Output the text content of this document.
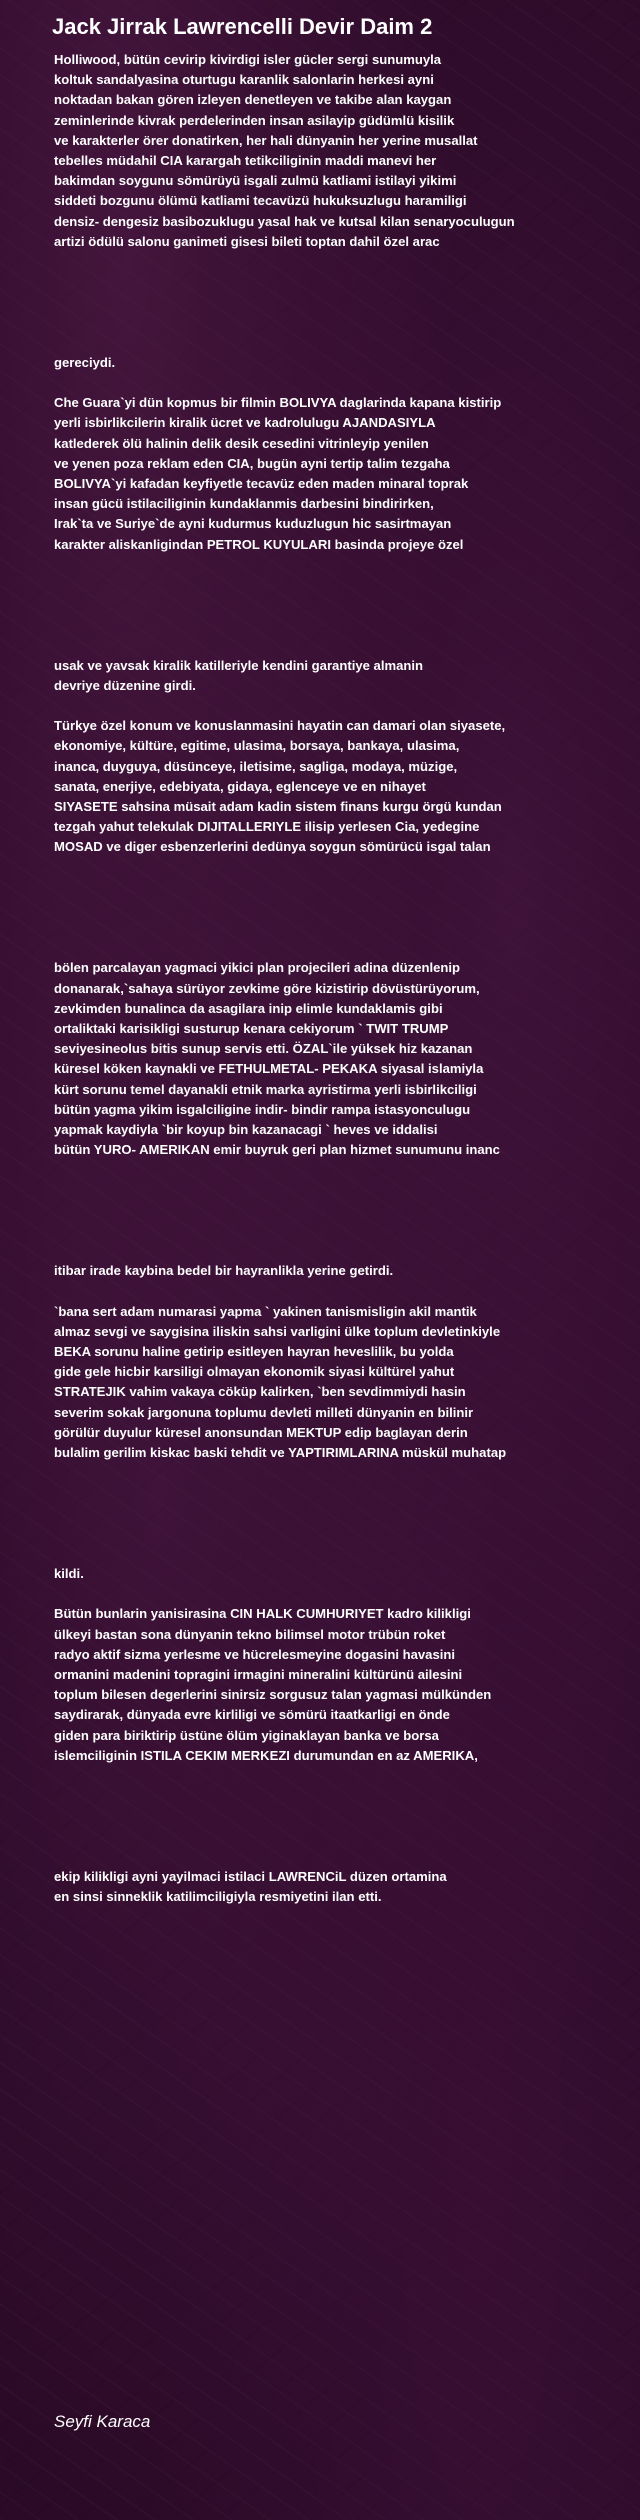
Jack Jirrak Lawrencelli Devir Daim 2
Holliwood, bütün cevirip kivirdigi isler gücler sergi sunumuyla
koltuk sandalyasina oturtugu karanlik salonlarin herkesi ayni
noktadan bakan gören izleyen denetleyen ve takibe alan kaygan
zeminlerinde kivrak perdelerinden insan asilayip güdümlü kisilik
ve karakterler örer donatirken, her hali dünyanin her yerine musallat
tebelles müdahil CIA karargah tetikciliginin maddi manevi her
bakimdan soygunu sömürüyü isgali zulmü katliami istilayi yikimi
siddeti bozgunu ölümü katliami tecavüzü hukuksuzlugu haramiligi
densiz- dengesiz basibozuklugu yasal hak ve kutsal kilan senaryoculugun
artizi ödülü salonu ganimeti gisesi bileti toptan dahil özel arac
gereciydi.
Che Guara`yi dün kopmus bir filmin BOLIVYA daglarinda kapana kistirip
yerli isbirlikcilerin kiralik ücret ve kadrolulugu AJANDASIYLA
katlederek ölü halinin delik desik cesedini vitrinleyip yenilen
ve yenen poza reklam eden CIA, bugün ayni tertip talim tezgaha
BOLIVYA`yi kafadan keyfiyetle tecavüz eden maden minaral toprak
insan gücü istilaciliginin kundaklanmis darbesini bindirirken,
Irak`ta ve Suriye`de ayni kudurmus kuduzlugun hic sasirtmayan
karakter aliskanligindan PETROL KUYULARI basinda projeye özel
usak ve yavsak kiralik katilleriyle kendini garantiye almanin
devriye düzenine girdi.
Türkye özel konum ve konuslanmasini hayatin can damari olan siyasete,
ekonomiye, kültüre, egitime, ulasima, borsaya, bankaya, ulasima,
inanca, duyguya, düsünceye, iletisime, sagliga, modaya, müzige,
sanata, enerjiye, edebiyata, gidaya, eglenceye ve en nihayet
SIYASETE sahsina müsait adam kadin sistem finans kurgu örgü kundan
tezgah yahut telekulak DIJITALLERIYLE ilisip yerlesen Cia, yedegine
MOSAD ve diger esbenzerlerini dedünya soygun sömürücü isgal talan
bölen parcalayan yagmaci yikici plan projecileri adina düzenlenip
donanarak,`sahaya sürüyor zevkime göre kizistirip dövüstürüyorum,
zevkimden bunalinca da asagilara inip elimle kundaklamis gibi
ortaliktaki karisikligi susturup kenara cekiyorum ` TWIT TRUMP
seviyesineolus bitis sunup servis etti. ÖZAL`ile yüksek hiz kazanan
küresel köken kaynakli ve FETHULMETAL- PEKAKA siyasal islamiyla
kürt sorunu temel dayanakli etnik marka ayristirma yerli isbirlikciligi
bütün yagma yikim isgalciligine indir- bindir rampa istasyonculugu
yapmak kaydiyla `bir koyup bin kazanacagi ` heves ve iddalisi
bütün YURO- AMERIKAN emir buyruk geri plan hizmet sunumunu inanc
itibar irade kaybina bedel bir hayranlikla yerine getirdi.
`bana sert adam numarasi yapma ` yakinen tanismisligin akil mantik
almaz sevgi ve saygisina iliskin sahsi varligini ülke toplum devletinkiyle
BEKA sorunu haline getirip esitleyen hayran heveslilik, bu yolda
gide gele hicbir karsiligi olmayan ekonomik siyasi kültürel yahut
STRATEJIK vahim vakaya cöküp kalirken, `ben sevdimmiydi hasin
severim sokak jargonuna toplumu devleti milleti dünyanin en bilinir
görülür duyulur küresel anonsundan MEKTUP edip baglayan derin
bulalim gerilim kiskac baski tehdit ve YAPTIRIMLARINA müskül muhatap
kildi.
Bütün bunlarin yanisirasina CIN HALK CUMHURIYET kadro kilikligi
ülkeyi bastan sona dünyanin tekno bilimsel motor trübün roket
radyo aktif sizma yerlesme ve hücrelesmeyine dogasini havasini
ormanini madenini topragini irmagini mineralini kültürünü ailesini
toplum bilesen degerlerini sinirsiz sorgusuz talan yagmasi mülkünden
saydirarak, dünyada evre kirliligi ve sömürü itaatkarligi en önde
giden para biriktirip üstüne ölüm yiginaklayan banka ve borsa
islemciliginin ISTILA CEKIM MERKEZI durumundan en az AMERIKA,
ekip kilikligi ayni yayilmaci istilaci LAWRENCiL düzen ortamina
en sinsi sinneklik katilimciligiyla resmiyetini ilan etti.
Seyfi Karaca
